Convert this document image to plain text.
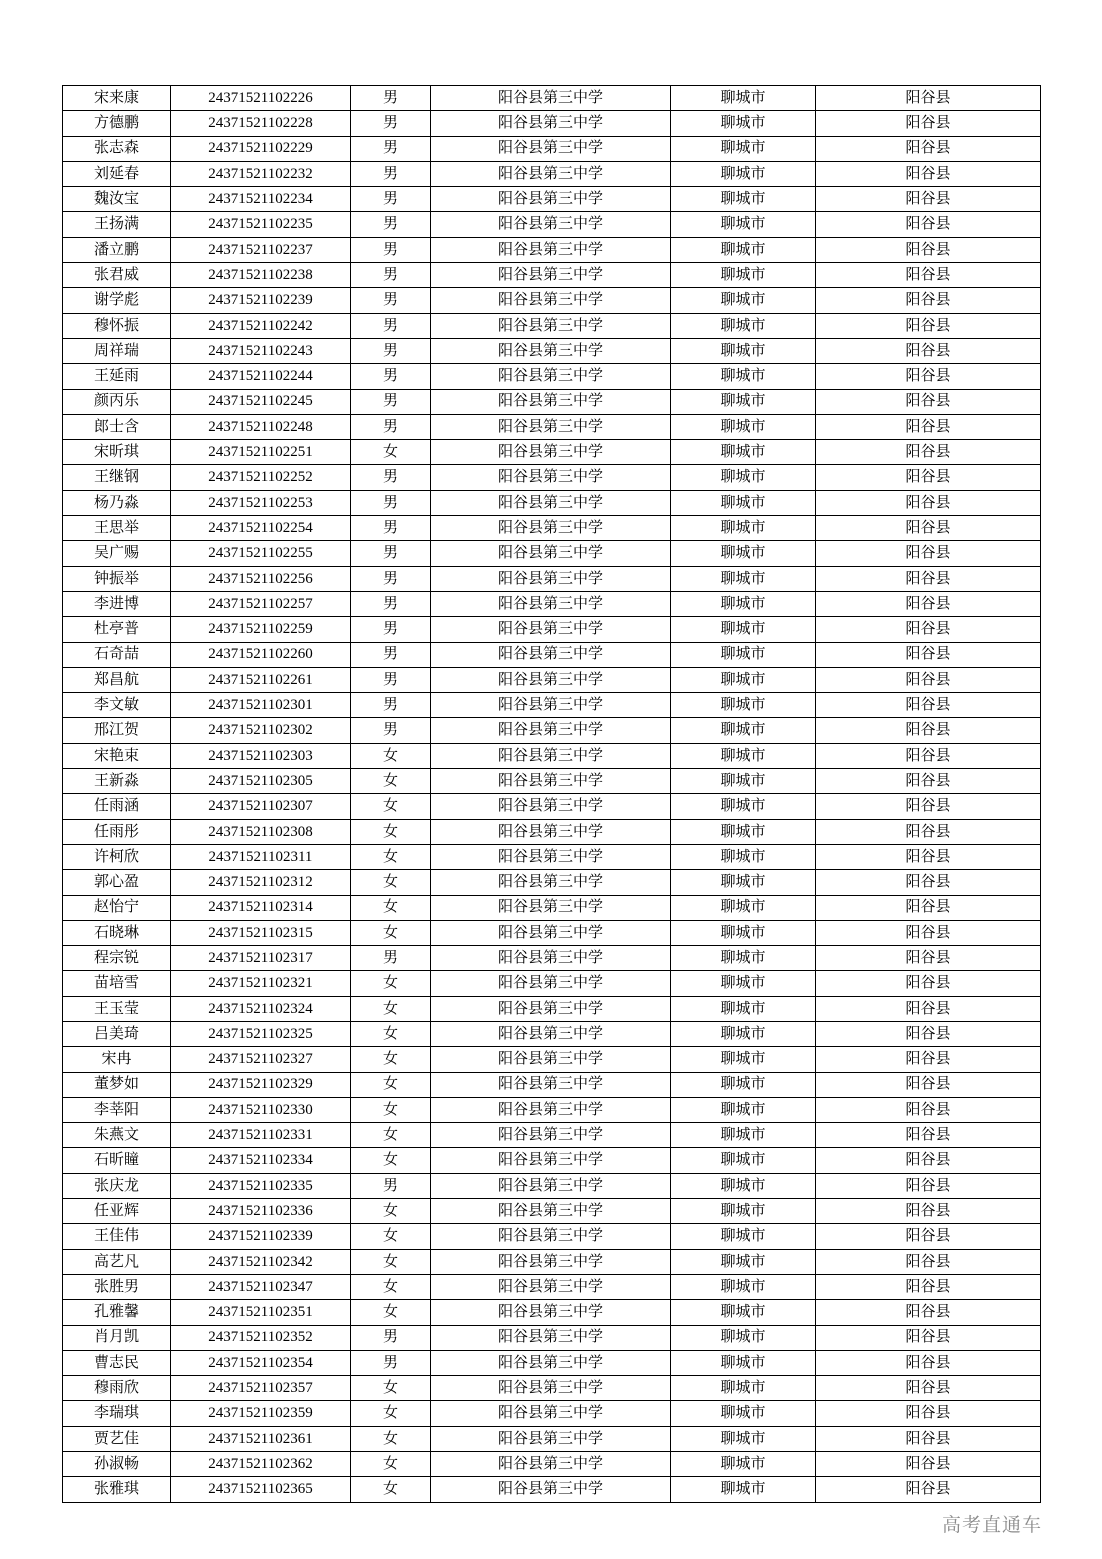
宋来康	24371521102226	男	阳谷县第三中学	聊城市	阳谷县
方德鹏	24371521102228	男	阳谷县第三中学	聊城市	阳谷县
张志森	24371521102229	男	阳谷县第三中学	聊城市	阳谷县
刘延春	24371521102232	男	阳谷县第三中学	聊城市	阳谷县
魏汝宝	24371521102234	男	阳谷县第三中学	聊城市	阳谷县
王扬满	24371521102235	男	阳谷县第三中学	聊城市	阳谷县
潘立鹏	24371521102237	男	阳谷县第三中学	聊城市	阳谷县
张君威	24371521102238	男	阳谷县第三中学	聊城市	阳谷县
谢学彪	24371521102239	男	阳谷县第三中学	聊城市	阳谷县
穆怀振	24371521102242	男	阳谷县第三中学	聊城市	阳谷县
周祥瑞	24371521102243	男	阳谷县第三中学	聊城市	阳谷县
王延雨	24371521102244	男	阳谷县第三中学	聊城市	阳谷县
颜丙乐	24371521102245	男	阳谷县第三中学	聊城市	阳谷县
郎士含	24371521102248	男	阳谷县第三中学	聊城市	阳谷县
宋昕琪	24371521102251	女	阳谷县第三中学	聊城市	阳谷县
王继钢	24371521102252	男	阳谷县第三中学	聊城市	阳谷县
杨乃淼	24371521102253	男	阳谷县第三中学	聊城市	阳谷县
王思举	24371521102254	男	阳谷县第三中学	聊城市	阳谷县
吴广赐	24371521102255	男	阳谷县第三中学	聊城市	阳谷县
钟振举	24371521102256	男	阳谷县第三中学	聊城市	阳谷县
李进博	24371521102257	男	阳谷县第三中学	聊城市	阳谷县
杜亭普	24371521102259	男	阳谷县第三中学	聊城市	阳谷县
石奇喆	24371521102260	男	阳谷县第三中学	聊城市	阳谷县
郑昌航	24371521102261	男	阳谷县第三中学	聊城市	阳谷县
李文敏	24371521102301	男	阳谷县第三中学	聊城市	阳谷县
邢江贺	24371521102302	男	阳谷县第三中学	聊城市	阳谷县
宋艳束	24371521102303	女	阳谷县第三中学	聊城市	阳谷县
王新淼	24371521102305	女	阳谷县第三中学	聊城市	阳谷县
任雨涵	24371521102307	女	阳谷县第三中学	聊城市	阳谷县
任雨彤	24371521102308	女	阳谷县第三中学	聊城市	阳谷县
许柯欣	24371521102311	女	阳谷县第三中学	聊城市	阳谷县
郭心盈	24371521102312	女	阳谷县第三中学	聊城市	阳谷县
赵怡宁	24371521102314	女	阳谷县第三中学	聊城市	阳谷县
石晓琳	24371521102315	女	阳谷县第三中学	聊城市	阳谷县
程宗锐	24371521102317	男	阳谷县第三中学	聊城市	阳谷县
苗培雪	24371521102321	女	阳谷县第三中学	聊城市	阳谷县
王玉莹	24371521102324	女	阳谷县第三中学	聊城市	阳谷县
吕美琦	24371521102325	女	阳谷县第三中学	聊城市	阳谷县
宋冉	24371521102327	女	阳谷县第三中学	聊城市	阳谷县
董梦如	24371521102329	女	阳谷县第三中学	聊城市	阳谷县
李莘阳	24371521102330	女	阳谷县第三中学	聊城市	阳谷县
朱燕文	24371521102331	女	阳谷县第三中学	聊城市	阳谷县
石昕瞳	24371521102334	女	阳谷县第三中学	聊城市	阳谷县
张庆龙	24371521102335	男	阳谷县第三中学	聊城市	阳谷县
任亚辉	24371521102336	女	阳谷县第三中学	聊城市	阳谷县
王佳伟	24371521102339	女	阳谷县第三中学	聊城市	阳谷县
高艺凡	24371521102342	女	阳谷县第三中学	聊城市	阳谷县
张胜男	24371521102347	女	阳谷县第三中学	聊城市	阳谷县
孔雅馨	24371521102351	女	阳谷县第三中学	聊城市	阳谷县
肖月凯	24371521102352	男	阳谷县第三中学	聊城市	阳谷县
曹志民	24371521102354	男	阳谷县第三中学	聊城市	阳谷县
穆雨欣	24371521102357	女	阳谷县第三中学	聊城市	阳谷县
李瑞琪	24371521102359	女	阳谷县第三中学	聊城市	阳谷县
贾艺佳	24371521102361	女	阳谷县第三中学	聊城市	阳谷县
孙淑畅	24371521102362	女	阳谷县第三中学	聊城市	阳谷县
张雅琪	24371521102365	女	阳谷县第三中学	聊城市	阳谷县
高考直通车
